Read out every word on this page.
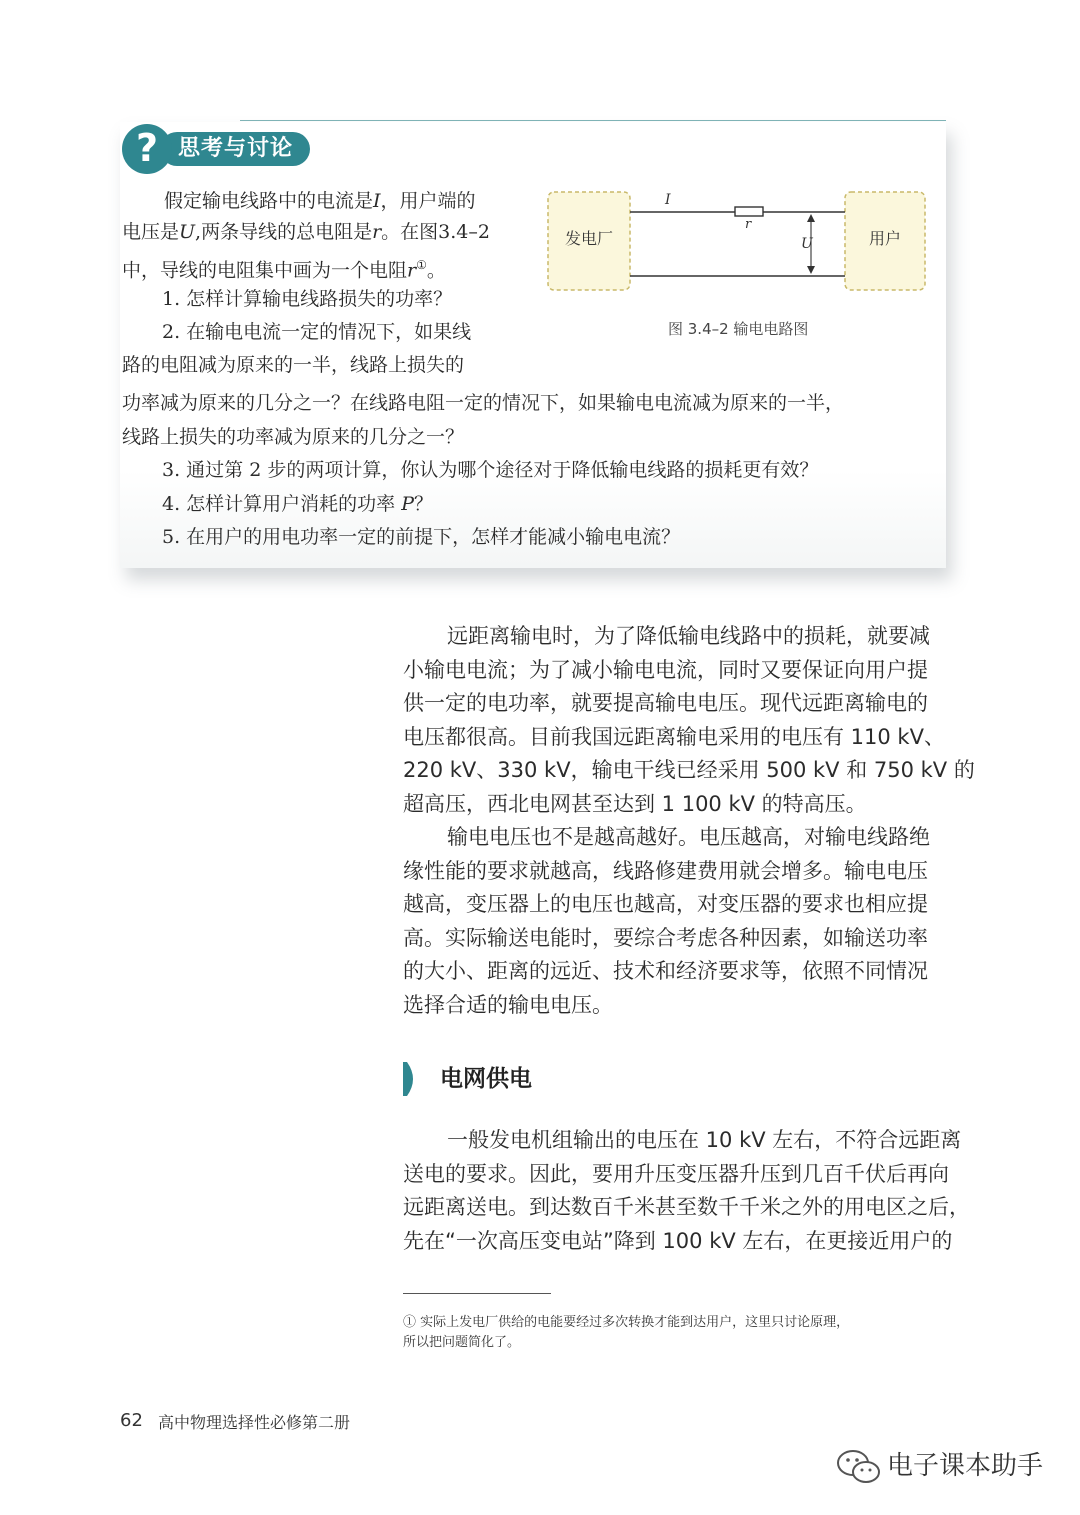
? 思考与讨论
假定输电线路中的电流是I，用户端的
电压是U,两条导线的总电阻是r。在图3.4–2
中，导线的电阻集中画为一个电阻r①。
1. 怎样计算输电线路损失的功率？
2. 在输电电流一定的情况下，如果线
路的电阻减为原来的一半，线路上损失的
功率减为原来的几分之一？在线路电阻一定的情况下，如果输电电流减为原来的一半，
线路上损失的功率减为原来的几分之一？
3. 通过第 2 步的两项计算，你认为哪个途径对于降低输电线路的损耗更有效？
4. 怎样计算用户消耗的功率 P？
5. 在用户的用电功率一定的前提下，怎样才能减小输电电流？
发电厂	用户
I
r
U
图 3.4–2 输电电路图
远距离输电时，为了降低输电线路中的损耗，就要减
小输电电流；为了减小输电电流，同时又要保证向用户提
供一定的电功率，就要提高输电电压。现代远距离输电的
电压都很高。目前我国远距离输电采用的电压有 110 kV、
220 kV、330 kV，输电干线已经采用 500 kV 和 750 kV 的
超高压，西北电网甚至达到 1 100 kV 的特高压。
输电电压也不是越高越好。电压越高，对输电线路绝
缘性能的要求就越高，线路修建费用就会增多。输电电压
越高，变压器上的电压也越高，对变压器的要求也相应提
高。实际输送电能时，要综合考虑各种因素，如输送功率
的大小、距离的远近、技术和经济要求等，依照不同情况
选择合适的输电电压。
电网供电
一般发电机组输出的电压在 10 kV 左右，不符合远距离
送电的要求。因此，要用升压变压器升压到几百千伏后再向
远距离送电。到达数百千米甚至数千千米之外的用电区之后，
先在“一次高压变电站”降到 100 kV 左右，在更接近用户的
① 实际上发电厂供给的电能要经过多次转换才能到达用户，这里只讨论原理，
所以把问题简化了。
62 高中物理选择性必修第二册
电子课本助手
